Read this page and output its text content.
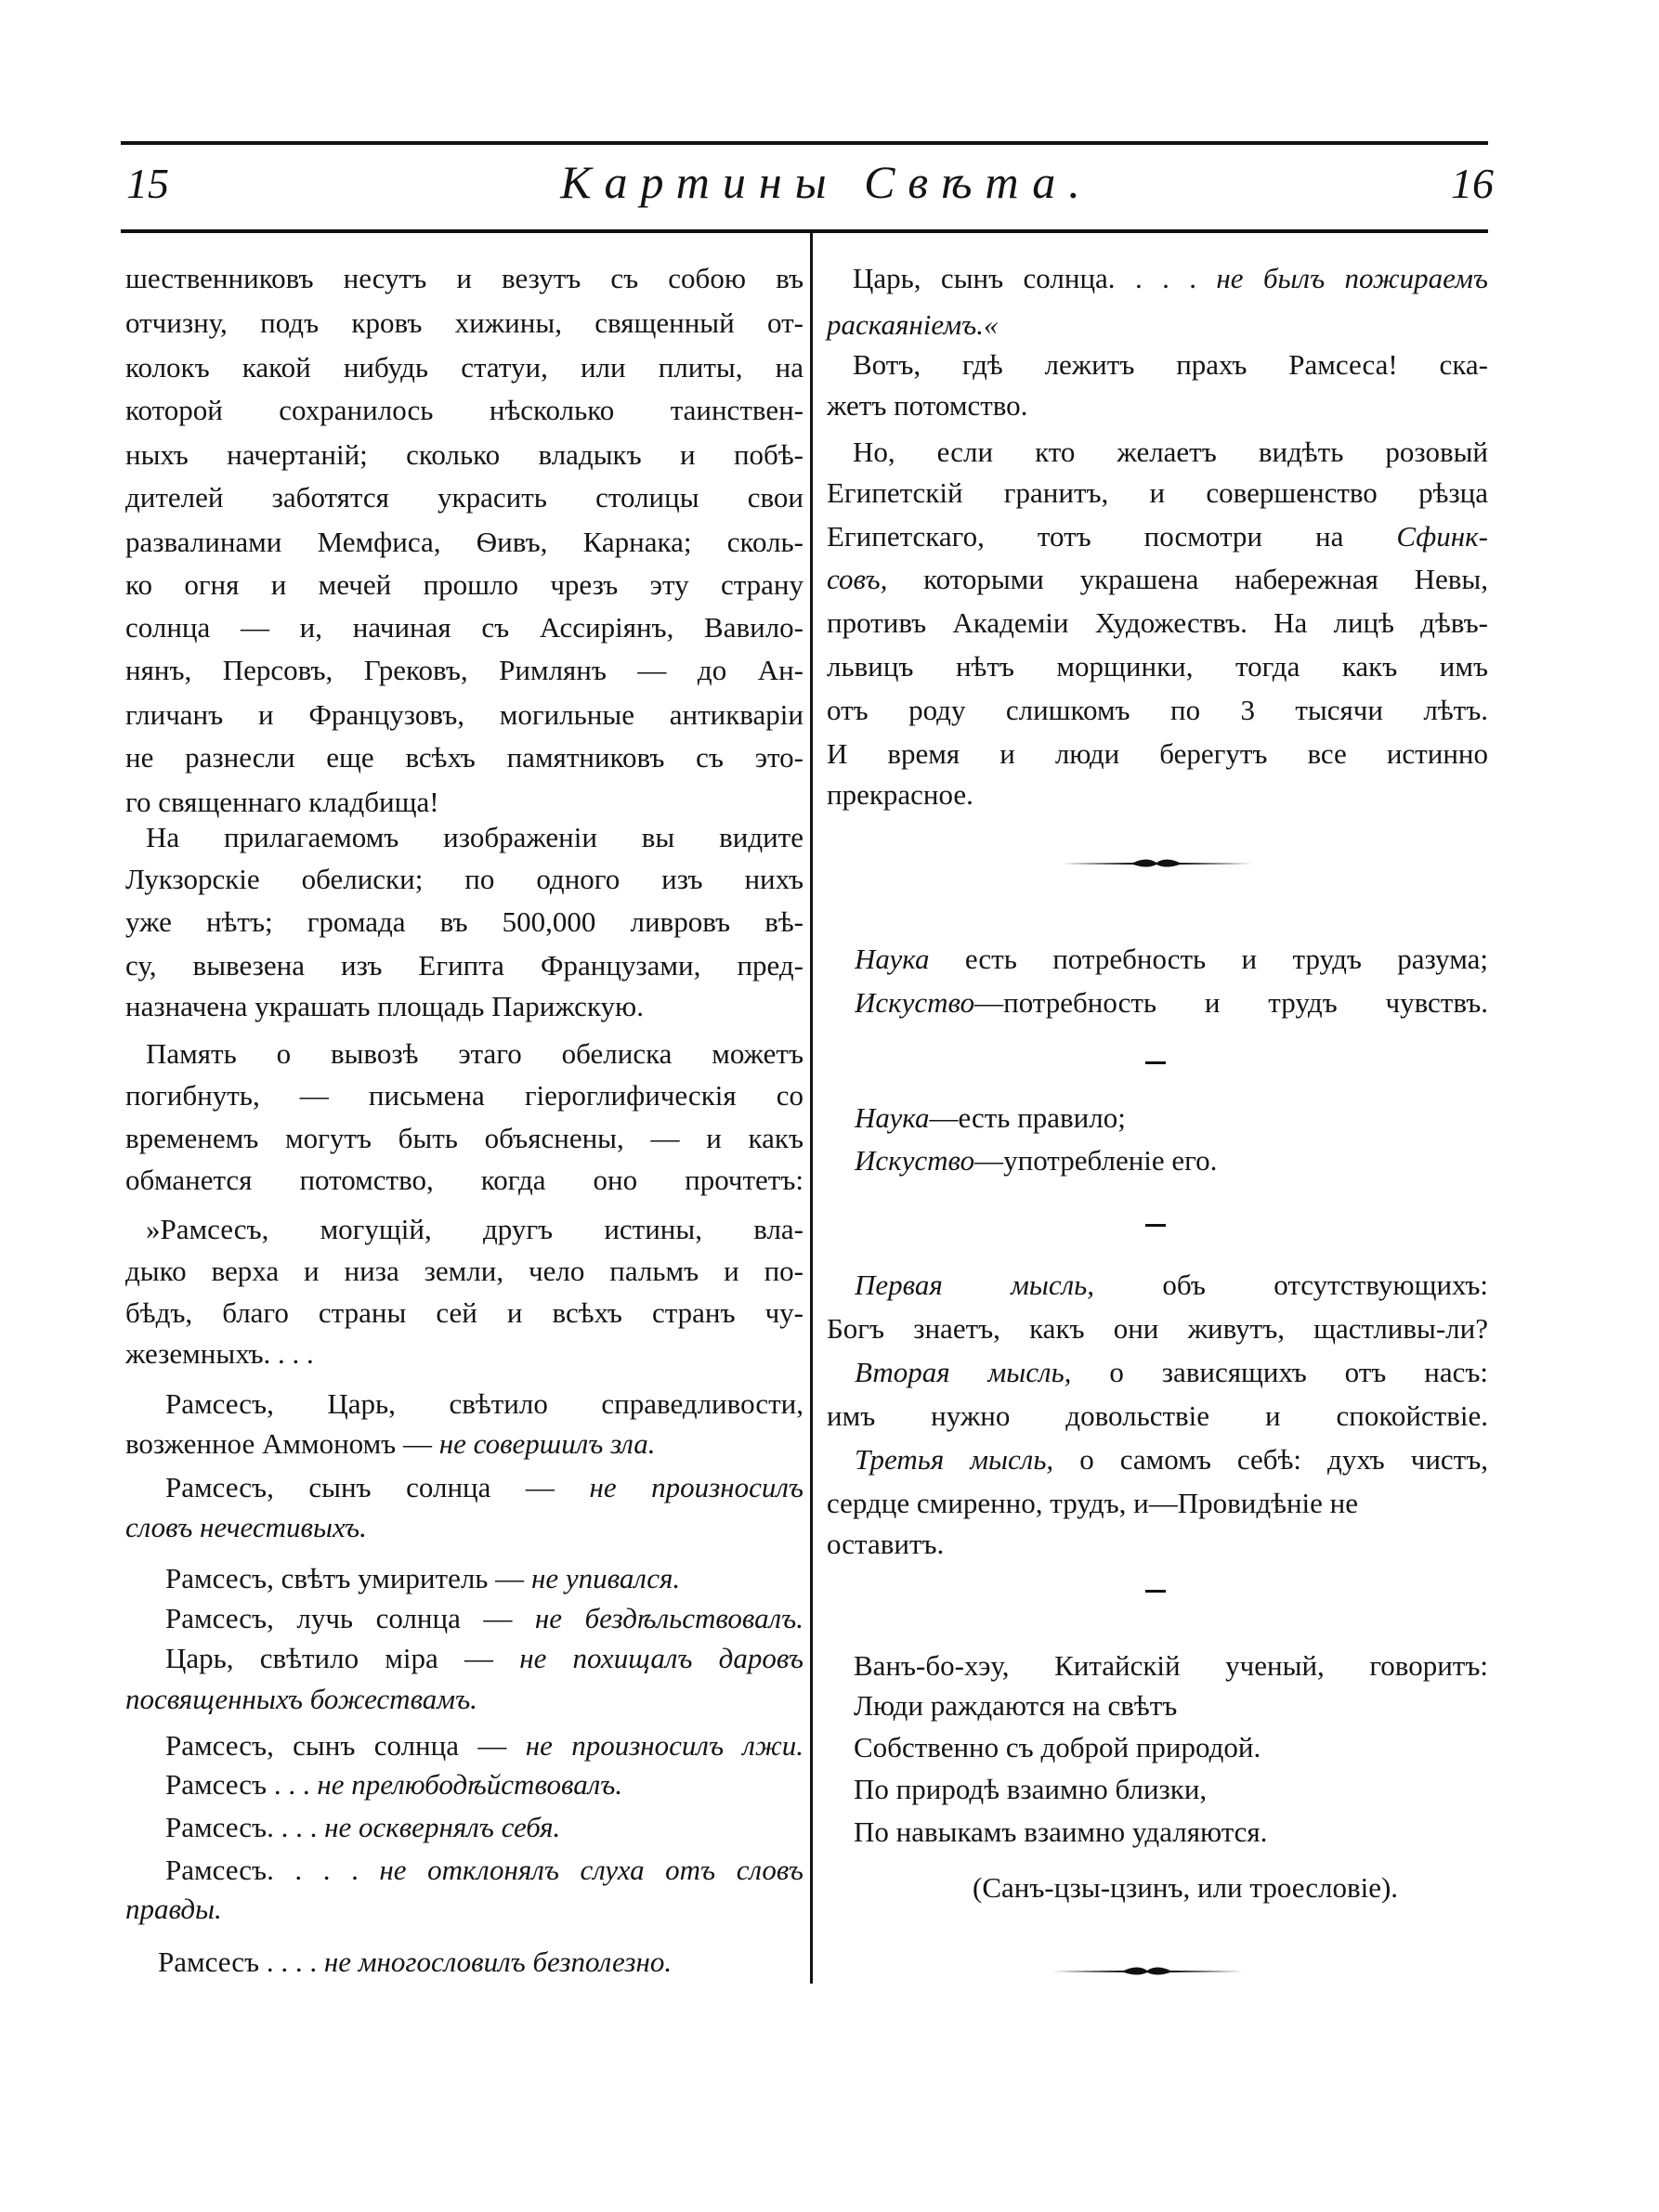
15	Картины Свѣта.	16
шественниковъ несутъ и везутъ съ собою въ
отчизну, подъ кровъ хижины, священный от-
колокъ какой нибудь статуи, или плиты, на
которой сохранилось нѣсколько таинствен-
ныхъ начертаній; сколько владыкъ и побѣ-
дителей заботятся украсить столицы свои
развалинами Мемфиса, Ѳивъ, Карнака; сколь-
ко огня и мечей прошло чрезъ эту страну
солнца — и, начиная съ Ассиріянъ, Вавило-
нянъ, Персовъ, Грековъ, Римлянъ — до Ан-
гличанъ и Французовъ, могильные антикваріи
не разнесли еще всѣхъ памятниковъ съ это-
го священнаго кладбища!
На прилагаемомъ изображеніи вы видите
Лукзорскіе обелиски; по одного изъ нихъ
уже нѣтъ; громада въ 500,000 ливровъ вѣ-
су, вывезена изъ Египта Французами, пред-
назначена украшать площадь Парижскую.
Память о вывозѣ этаго обелиска можетъ
погибнуть, — письмена гіероглифическія со
временемъ могутъ быть объяснены, — и какъ
обманется потомство, когда оно прочтетъ:
»Рамсесъ, могущій, другъ истины, вла-
дыко верха и низа земли, чело пальмъ и по-
бѣдъ, благо страны сей и всѣхъ странъ чу-
жеземныхъ. . . .
Рамсесъ, Царь, свѣтило справедливости,
возженное Аммономъ — не совершилъ зла.
Рамсесъ, сынъ солнца — не произносилъ
словъ нечестивыхъ.
Рамсесъ, свѣтъ умиритель — не упивался.
Рамсесъ, лучь солнца — не бездѣльствовалъ.
Царь, свѣтило міра — не похищалъ даровъ
посвященныхъ божествамъ.
Рамсесъ, сынъ солнца — не произносилъ лжи.
Рамсесъ . . . не прелюбодѣйствовалъ.
Рамсесъ. . . . не осквернялъ себя.
Рамсесъ. . . . не отклонялъ слуха отъ словъ
правды.
Рамсесъ . . . . не многословилъ безполезно.
Царь, сынъ солнца. . . . не былъ пожираемъ
раскаяніемъ.«
Вотъ, гдѣ лежитъ прахъ Рамсеса! ска-
жетъ потомство.
Но, если кто желаетъ видѣть розовый
Египетскій гранитъ, и совершенство рѣзца
Египетскаго, тотъ посмотри на Сфинк-
совъ, которыми украшена набережная Невы,
противъ Академіи Художествъ. На лицѣ дѣвъ-
львицъ нѣтъ морщинки, тогда какъ имъ
отъ роду слишкомъ по 3 тысячи лѣтъ.
И время и люди берегутъ все истинно
прекрасное.
Наука есть потребность и трудъ разума;
Искуство—потребность и трудъ чувствъ.
Наука—есть правило;
Искуство—употребленіе его.
Первая мысль, объ отсутствующихъ:
Богъ знаетъ, какъ они живутъ, щастливы-ли?
Вторая мысль, о зависящихъ отъ насъ:
имъ нужно довольствіе и спокойствіе.
Третья мысль, о самомъ себѣ: духъ чистъ,
сердце смиренно, трудъ, и—Провидѣніе не
оставитъ.
Ванъ-бо-хэу, Китайскій ученый, говоритъ:
Люди раждаются на свѣтъ
Собственно съ доброй природой.
По природѣ взаимно близки,
По навыкамъ взаимно удаляются.
(Санъ-цзы-цзинъ, или троесловіе).
